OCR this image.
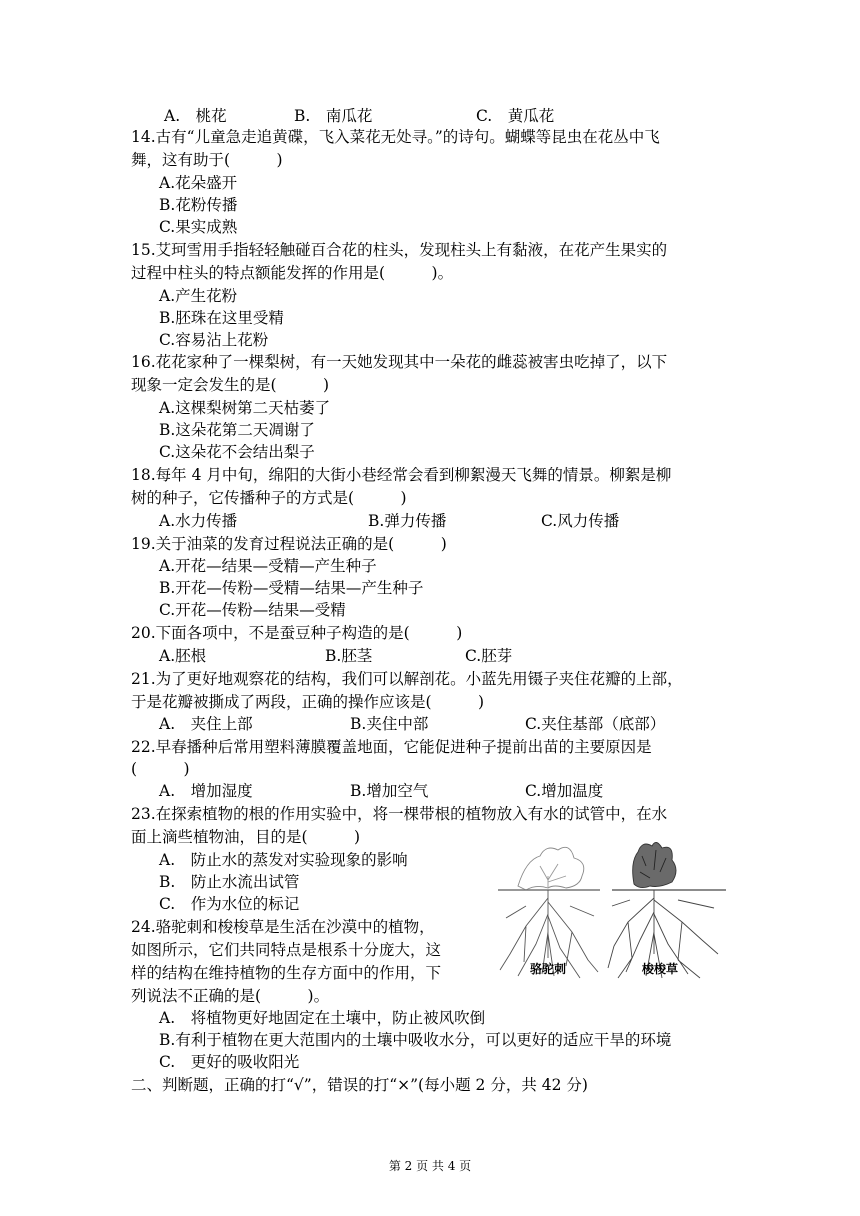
A.　桃花	B.　南瓜花	C.　黄瓜花
14.古有“儿童急走追黄碟，飞入菜花无处寻。”的诗句。蝴蝶等昆虫在花丛中飞
舞，这有助于(　　　)
A.花朵盛开
B.花粉传播
C.果实成熟
15.艾珂雪用手指轻轻触碰百合花的柱头，发现柱头上有黏液，在花产生果实的
过程中柱头的特点额能发挥的作用是(　　　)。
A.产生花粉
B.胚珠在这里受精
C.容易沾上花粉
16.花花家种了一棵梨树，有一天她发现其中一朵花的雌蕊被害虫吃掉了，以下
现象一定会发生的是(　　　)
A.这棵梨树第二天枯萎了
B.这朵花第二天凋谢了
C.这朵花不会结出梨子
18.每年 4 月中旬，绵阳的大街小巷经常会看到柳絮漫天飞舞的情景。柳絮是柳
树的种子，它传播种子的方式是(　　　)
A.水力传播	B.弹力传播	C.风力传播
19.关于油菜的发育过程说法正确的是(　　　)
A.开花—结果—受精—产生种子
B.开花—传粉—受精—结果—产生种子
C.开花—传粉—结果—受精
20.下面各项中，不是蚕豆种子构造的是(　　　)
A.胚根	B.胚茎	C.胚芽
21.为了更好地观察花的结构，我们可以解剖花。小蓝先用镊子夹住花瓣的上部，
于是花瓣被撕成了两段，正确的操作应该是(　　　)
A.　夹住上部	B.夹住中部	C.夹住基部（底部）
22.早春播种后常用塑料薄膜覆盖地面，它能促进种子提前出苗的主要原因是
(　　　)
A.　增加湿度	B.增加空气	C.增加温度
23.在探索植物的根的作用实验中，将一棵带根的植物放入有水的试管中，在水
面上滴些植物油，目的是(　　　)
A.　防止水的蒸发对实验现象的影响
B.　防止水流出试管
C.　作为水位的标记
24.骆驼刺和梭梭草是生活在沙漠中的植物，
如图所示，它们共同特点是根系十分庞大，这
样的结构在维持植物的生存方面中的作用，下
列说法不正确的是(　　　)。
A.　将植物更好地固定在土壤中，防止被风吹倒
B.有利于植物在更大范围内的土壤中吸收水分，可以更好的适应干旱的环境
C.　更好的吸收阳光
骆驼刺	梭梭草
二、判断题，正确的打“√”，错误的打“×”(每小题 2 分，共 42 分)
第 2 页 共 4 页
